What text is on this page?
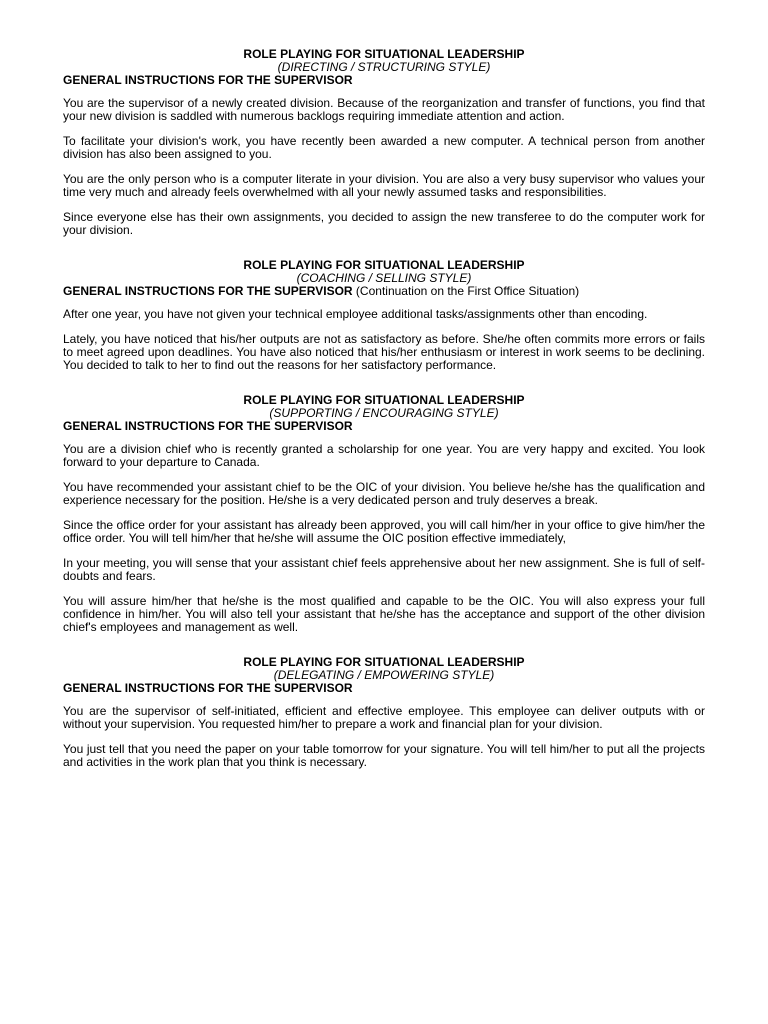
ROLE PLAYING FOR SITUATIONAL LEADERSHIP

(DIRECTING / STRUCTURING STYLE)

GENERAL INSTRUCTIONS FOR THE SUPERVISOR

You are the supervisor of a newly created division. Because of the reorganization and transfer of functions, you find that your new division is saddled with numerous backlogs requiring immediate attention and action.

To facilitate your division's work, you have recently been awarded a new computer. A technical person from another division has also been assigned to you.

You are the only person who is a computer literate in your division. You are also a very busy supervisor who values your time very much and already feels overwhelmed with all your newly assumed tasks and responsibilities.

Since everyone else has their own assignments, you decided to assign the new transferee to do the computer work for your division.

ROLE PLAYING FOR SITUATIONAL LEADERSHIP

(COACHING / SELLING STYLE)

GENERAL INSTRUCTIONS FOR THE SUPERVISOR (Continuation on the First Office Situation)

After one year, you have not given your technical employee additional tasks/assignments other than encoding.

Lately, you have noticed that his/her outputs are not as satisfactory as before. She/he often commits more errors or fails to meet agreed upon deadlines. You have also noticed that his/her enthusiasm or interest in work seems to be declining. You decided to talk to her to find out the reasons for her satisfactory performance.

ROLE PLAYING FOR SITUATIONAL LEADERSHIP

(SUPPORTING / ENCOURAGING STYLE)

GENERAL INSTRUCTIONS FOR THE SUPERVISOR

You are a division chief who is recently granted a scholarship for one year. You are very happy and excited. You look forward to your departure to Canada.

You have recommended your assistant chief to be the OIC of your division. You believe he/she has the qualification and experience necessary for the position. He/she is a very dedicated person and truly deserves a break.

Since the office order for your assistant has already been approved, you will call him/her in your office to give him/her the office order. You will tell him/her that he/she will assume the OIC position effective immediately,

In your meeting, you will sense that your assistant chief feels apprehensive about her new assignment. She is full of self-doubts and fears.

You will assure him/her that he/she is the most qualified and capable to be the OIC. You will also express your full confidence in him/her. You will also tell your assistant that he/she has the acceptance and support of the other division chief's employees and management as well.

ROLE PLAYING FOR SITUATIONAL LEADERSHIP

(DELEGATING / EMPOWERING STYLE)

GENERAL INSTRUCTIONS FOR THE SUPERVISOR

You are the supervisor of self-initiated, efficient and effective employee. This employee can deliver outputs with or without your supervision. You requested him/her to prepare a work and financial plan for your division.

You just tell that you need the paper on your table tomorrow for your signature. You will tell him/her to put all the projects and activities in the work plan that you think is necessary.
